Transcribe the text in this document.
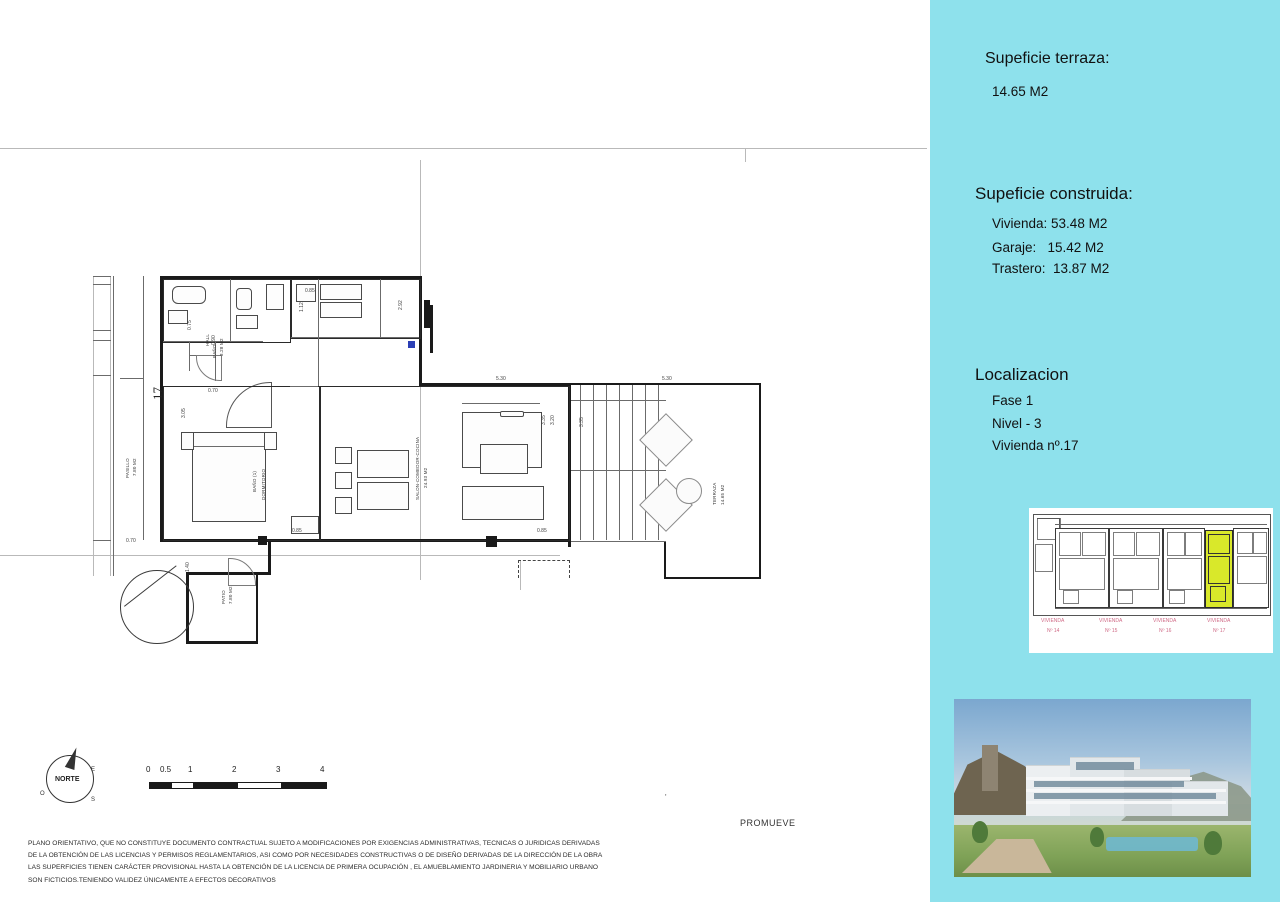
17
DORMITORIO
BAÑO (1)	SALON-COMEDOR-COCINA 24.93 M2
BAÑO 3.28 M2
HALL
TERRAZA 14.65 M2
PASILLO 7.80 M2
PATIO 7.80 M2
2.92
0.85
1.12
0.75
0.90
3.35 3.20	3.35
3.05
0.70
0.70
1.40
5.30	5.30
0.85	0.85
NORTE
E
O
S
0 0.5 1	2	3	4
'
PROMUEVE
PLANO ORIENTATIVO, QUE NO CONSTITUYE DOCUMENTO CONTRACTUAL SUJETO A MODIFICACIONES POR EXIGENCIAS ADMINISTRATIVAS, TECNICAS O JURIDICAS DERIVADAS
DE LA OBTENCIÓN DE LAS LICENCIAS Y PERMISOS REGLAMENTARIOS, ASI COMO POR NECESIDADES CONSTRUCTIVAS O DE DISEÑO DERIVADAS DE LA DIRECCIÓN DE LA OBRA
LAS SUPERFICIES TIENEN CARÁCTER PROVISIONAL HASTA LA OBTENCIÓN DE LA LICENCIA DE PRIMERA OCUPACIÓN , EL AMUEBLAMIENTO JARDINERIA Y MOBILIARIO URBANO
SON FICTICIOS.TENIENDO VALIDEZ ÚNICAMENTE A EFECTOS DECORATIVOS
Supeficie terraza:
14.65 M2
Supeficie construida:
Vivienda: 53.48 M2
Garaje:   15.42 M2
Trastero:  13.87 M2
Localizacion
Fase 1
Nivel - 3
Vivienda nº.17
VIVIENDA	VIVIENDA	VIVIENDA	VIVIENDA
Nº 14	Nº 15	Nº 16	Nº 17
